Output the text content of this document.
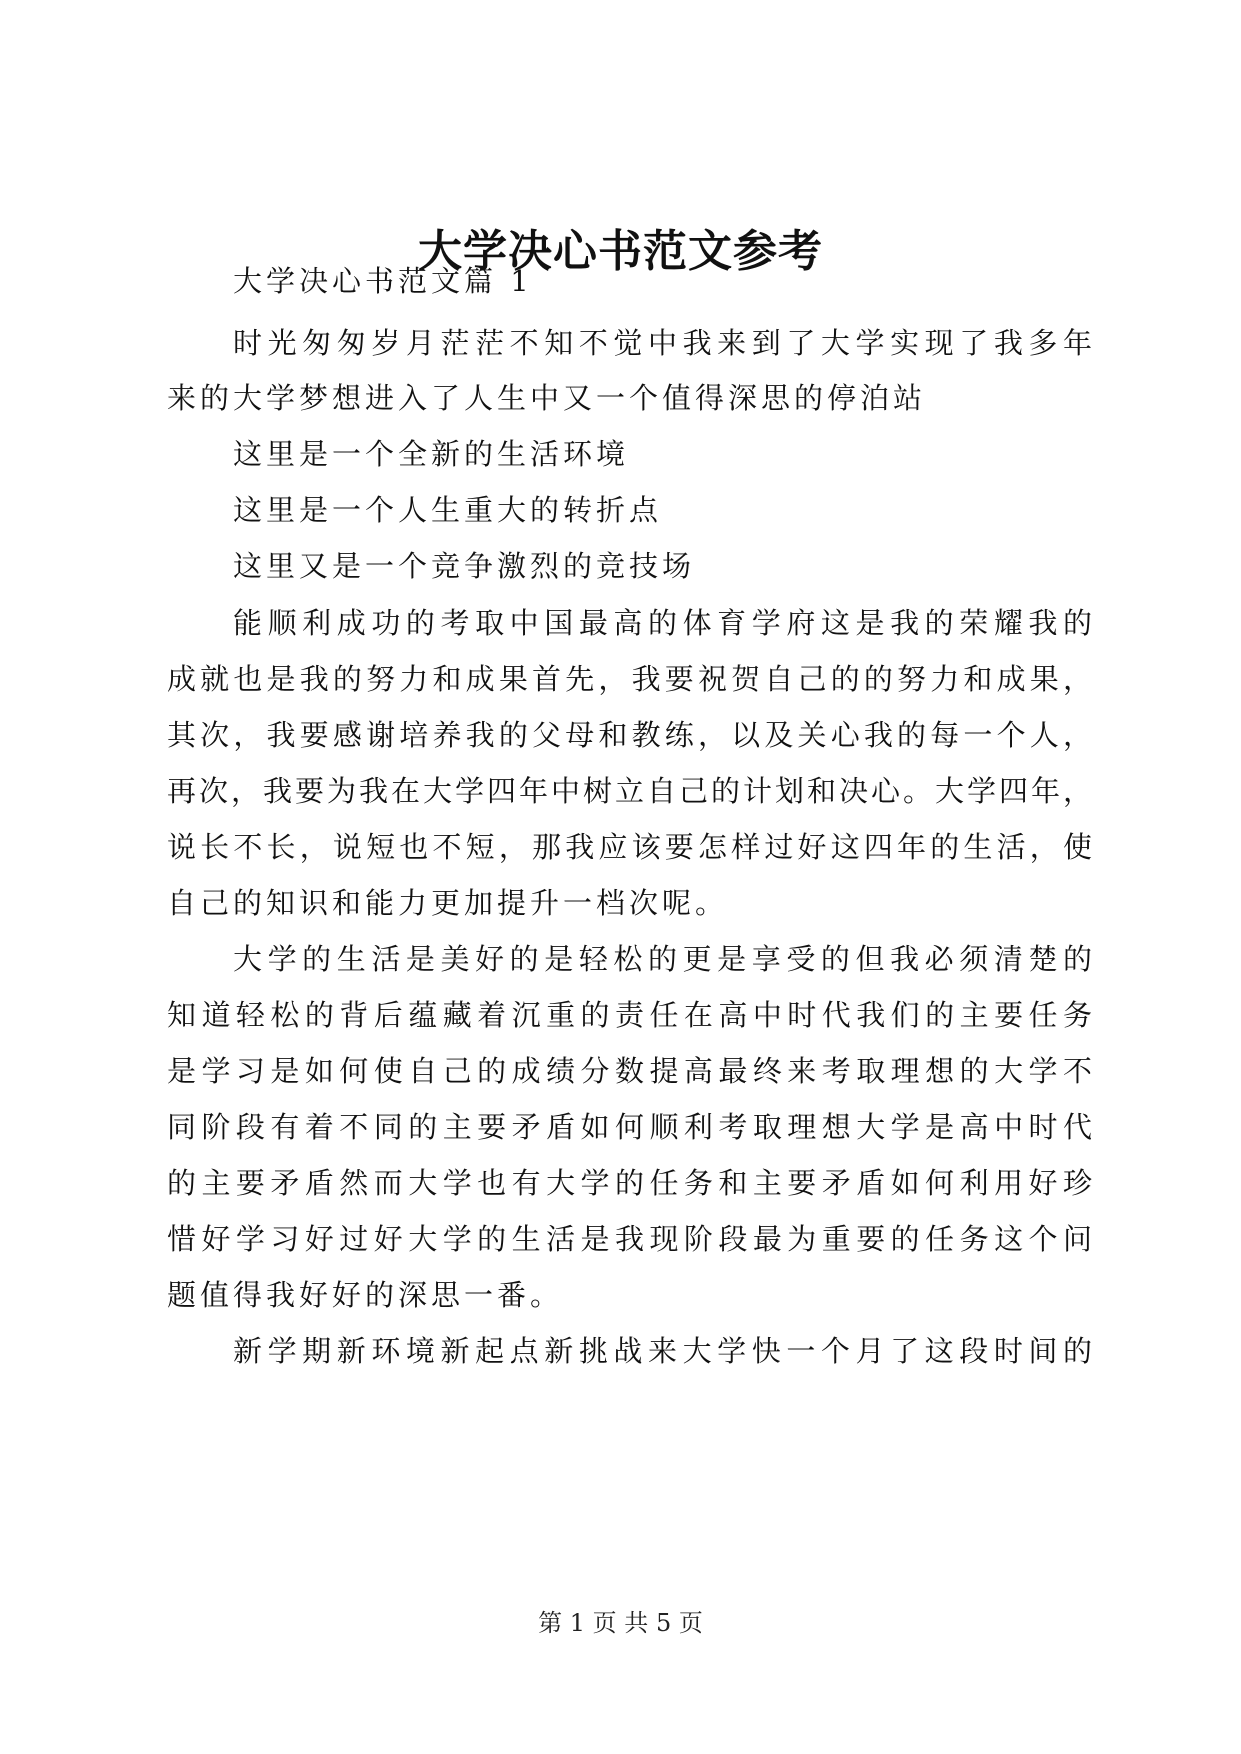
大学决心书范文参考
大学决心书范文篇 1
时光匆匆岁月茫茫不知不觉中我来到了大学实现了我多年
来的大学梦想进入了人生中又一个值得深思的停泊站
这里是一个全新的生活环境
这里是一个人生重大的转折点
这里又是一个竞争激烈的竞技场
能顺利成功的考取中国最高的体育学府这是我的荣耀我的
成就也是我的努力和成果首先，我要祝贺自己的的努力和成果，
其次，我要感谢培养我的父母和教练，以及关心我的每一个人，
再次，我要为我在大学四年中树立自己的计划和决心。大学四年，
说长不长，说短也不短，那我应该要怎样过好这四年的生活，使
自己的知识和能力更加提升一档次呢。
大学的生活是美好的是轻松的更是享受的但我必须清楚的
知道轻松的背后蕴藏着沉重的责任在高中时代我们的主要任务
是学习是如何使自己的成绩分数提高最终来考取理想的大学不
同阶段有着不同的主要矛盾如何顺利考取理想大学是高中时代
的主要矛盾然而大学也有大学的任务和主要矛盾如何利用好珍
惜好学习好过好大学的生活是我现阶段最为重要的任务这个问
题值得我好好的深思一番。
新学期新环境新起点新挑战来大学快一个月了这段时间的
第 1 页 共 5 页
